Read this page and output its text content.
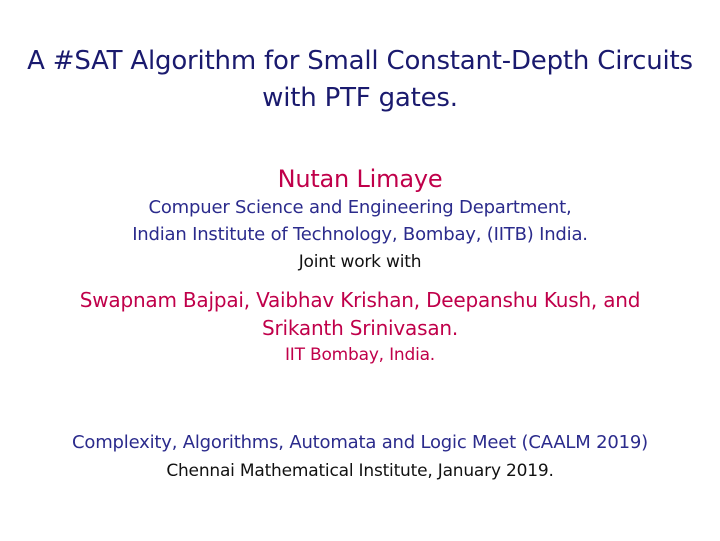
A #SAT Algorithm for Small Constant-Depth Circuits
with PTF gates.
Nutan Limaye
Compuer Science and Engineering Department,
Indian Institute of Technology, Bombay, (IITB) India.
Joint work with
Swapnam Bajpai, Vaibhav Krishan, Deepanshu Kush, and
Srikanth Srinivasan.
IIT Bombay, India.
Complexity, Algorithms, Automata and Logic Meet (CAALM 2019)
Chennai Mathematical Institute, January 2019.
